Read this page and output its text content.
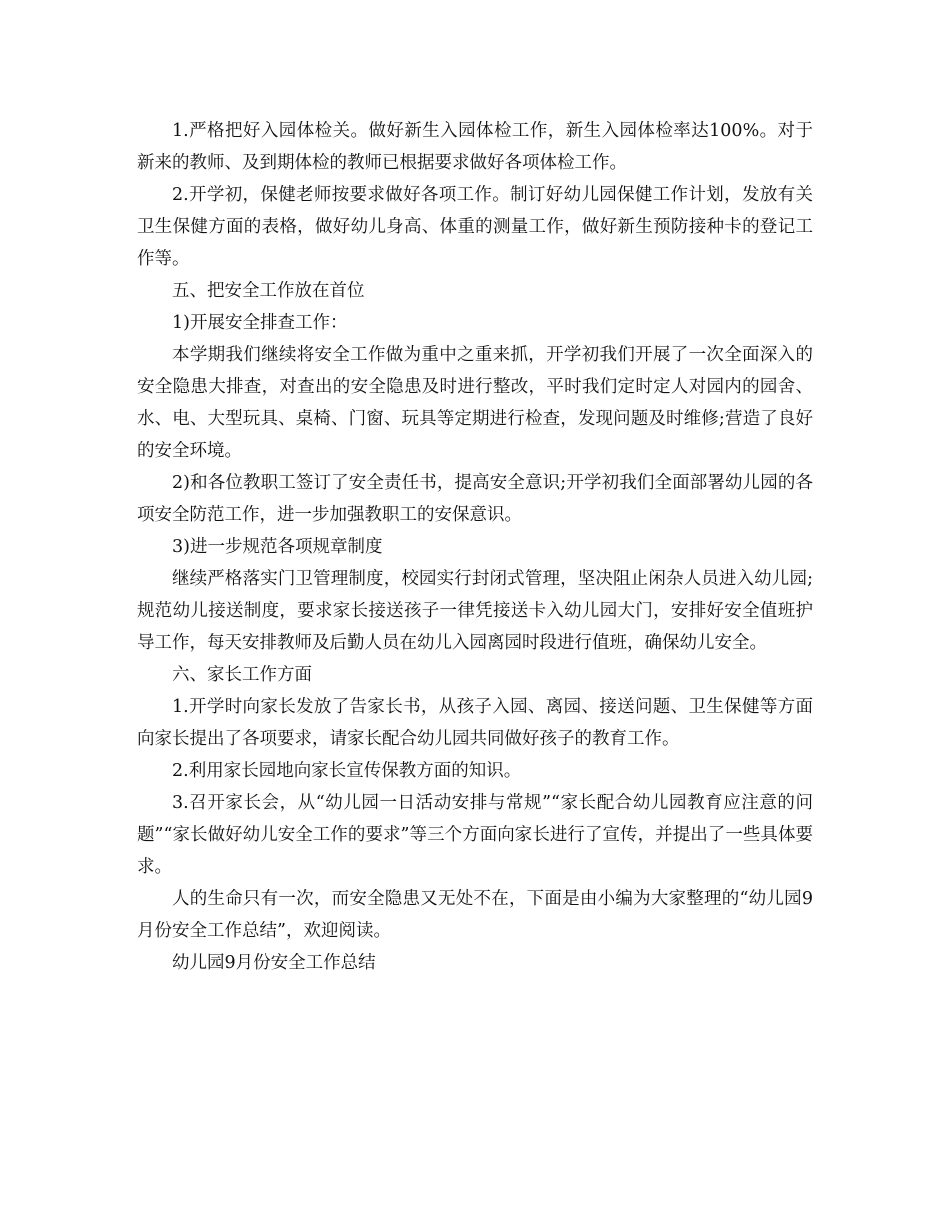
1.严格把好入园体检关。做好新生入园体检工作，新生入园体检率达100%。对于新来的教师、及到期体检的教师已根据要求做好各项体检工作。

2.开学初，保健老师按要求做好各项工作。制订好幼儿园保健工作计划，发放有关卫生保健方面的表格，做好幼儿身高、体重的测量工作，做好新生预防接种卡的登记工作等。

五、把安全工作放在首位

1)开展安全排查工作：

本学期我们继续将安全工作做为重中之重来抓，开学初我们开展了一次全面深入的安全隐患大排查，对查出的安全隐患及时进行整改，平时我们定时定人对园内的园舍、水、电、大型玩具、桌椅、门窗、玩具等定期进行检查，发现问题及时维修;营造了良好的安全环境。

2)和各位教职工签订了安全责任书，提高安全意识;开学初我们全面部署幼儿园的各项安全防范工作，进一步加强教职工的安保意识。

3)进一步规范各项规章制度

继续严格落实门卫管理制度，校园实行封闭式管理，坚决阻止闲杂人员进入幼儿园;规范幼儿接送制度，要求家长接送孩子一律凭接送卡入幼儿园大门，安排好安全值班护导工作，每天安排教师及后勤人员在幼儿入园离园时段进行值班，确保幼儿安全。

六、家长工作方面

1.开学时向家长发放了告家长书，从孩子入园、离园、接送问题、卫生保健等方面向家长提出了各项要求，请家长配合幼儿园共同做好孩子的教育工作。

2.利用家长园地向家长宣传保教方面的知识。

3.召开家长会，从“幼儿园一日活动安排与常规”“家长配合幼儿园教育应注意的问题”“家长做好幼儿安全工作的要求”等三个方面向家长进行了宣传，并提出了一些具体要求。

人的生命只有一次，而安全隐患又无处不在，下面是由小编为大家整理的“幼儿园9月份安全工作总结”，欢迎阅读。

幼儿园9月份安全工作总结
